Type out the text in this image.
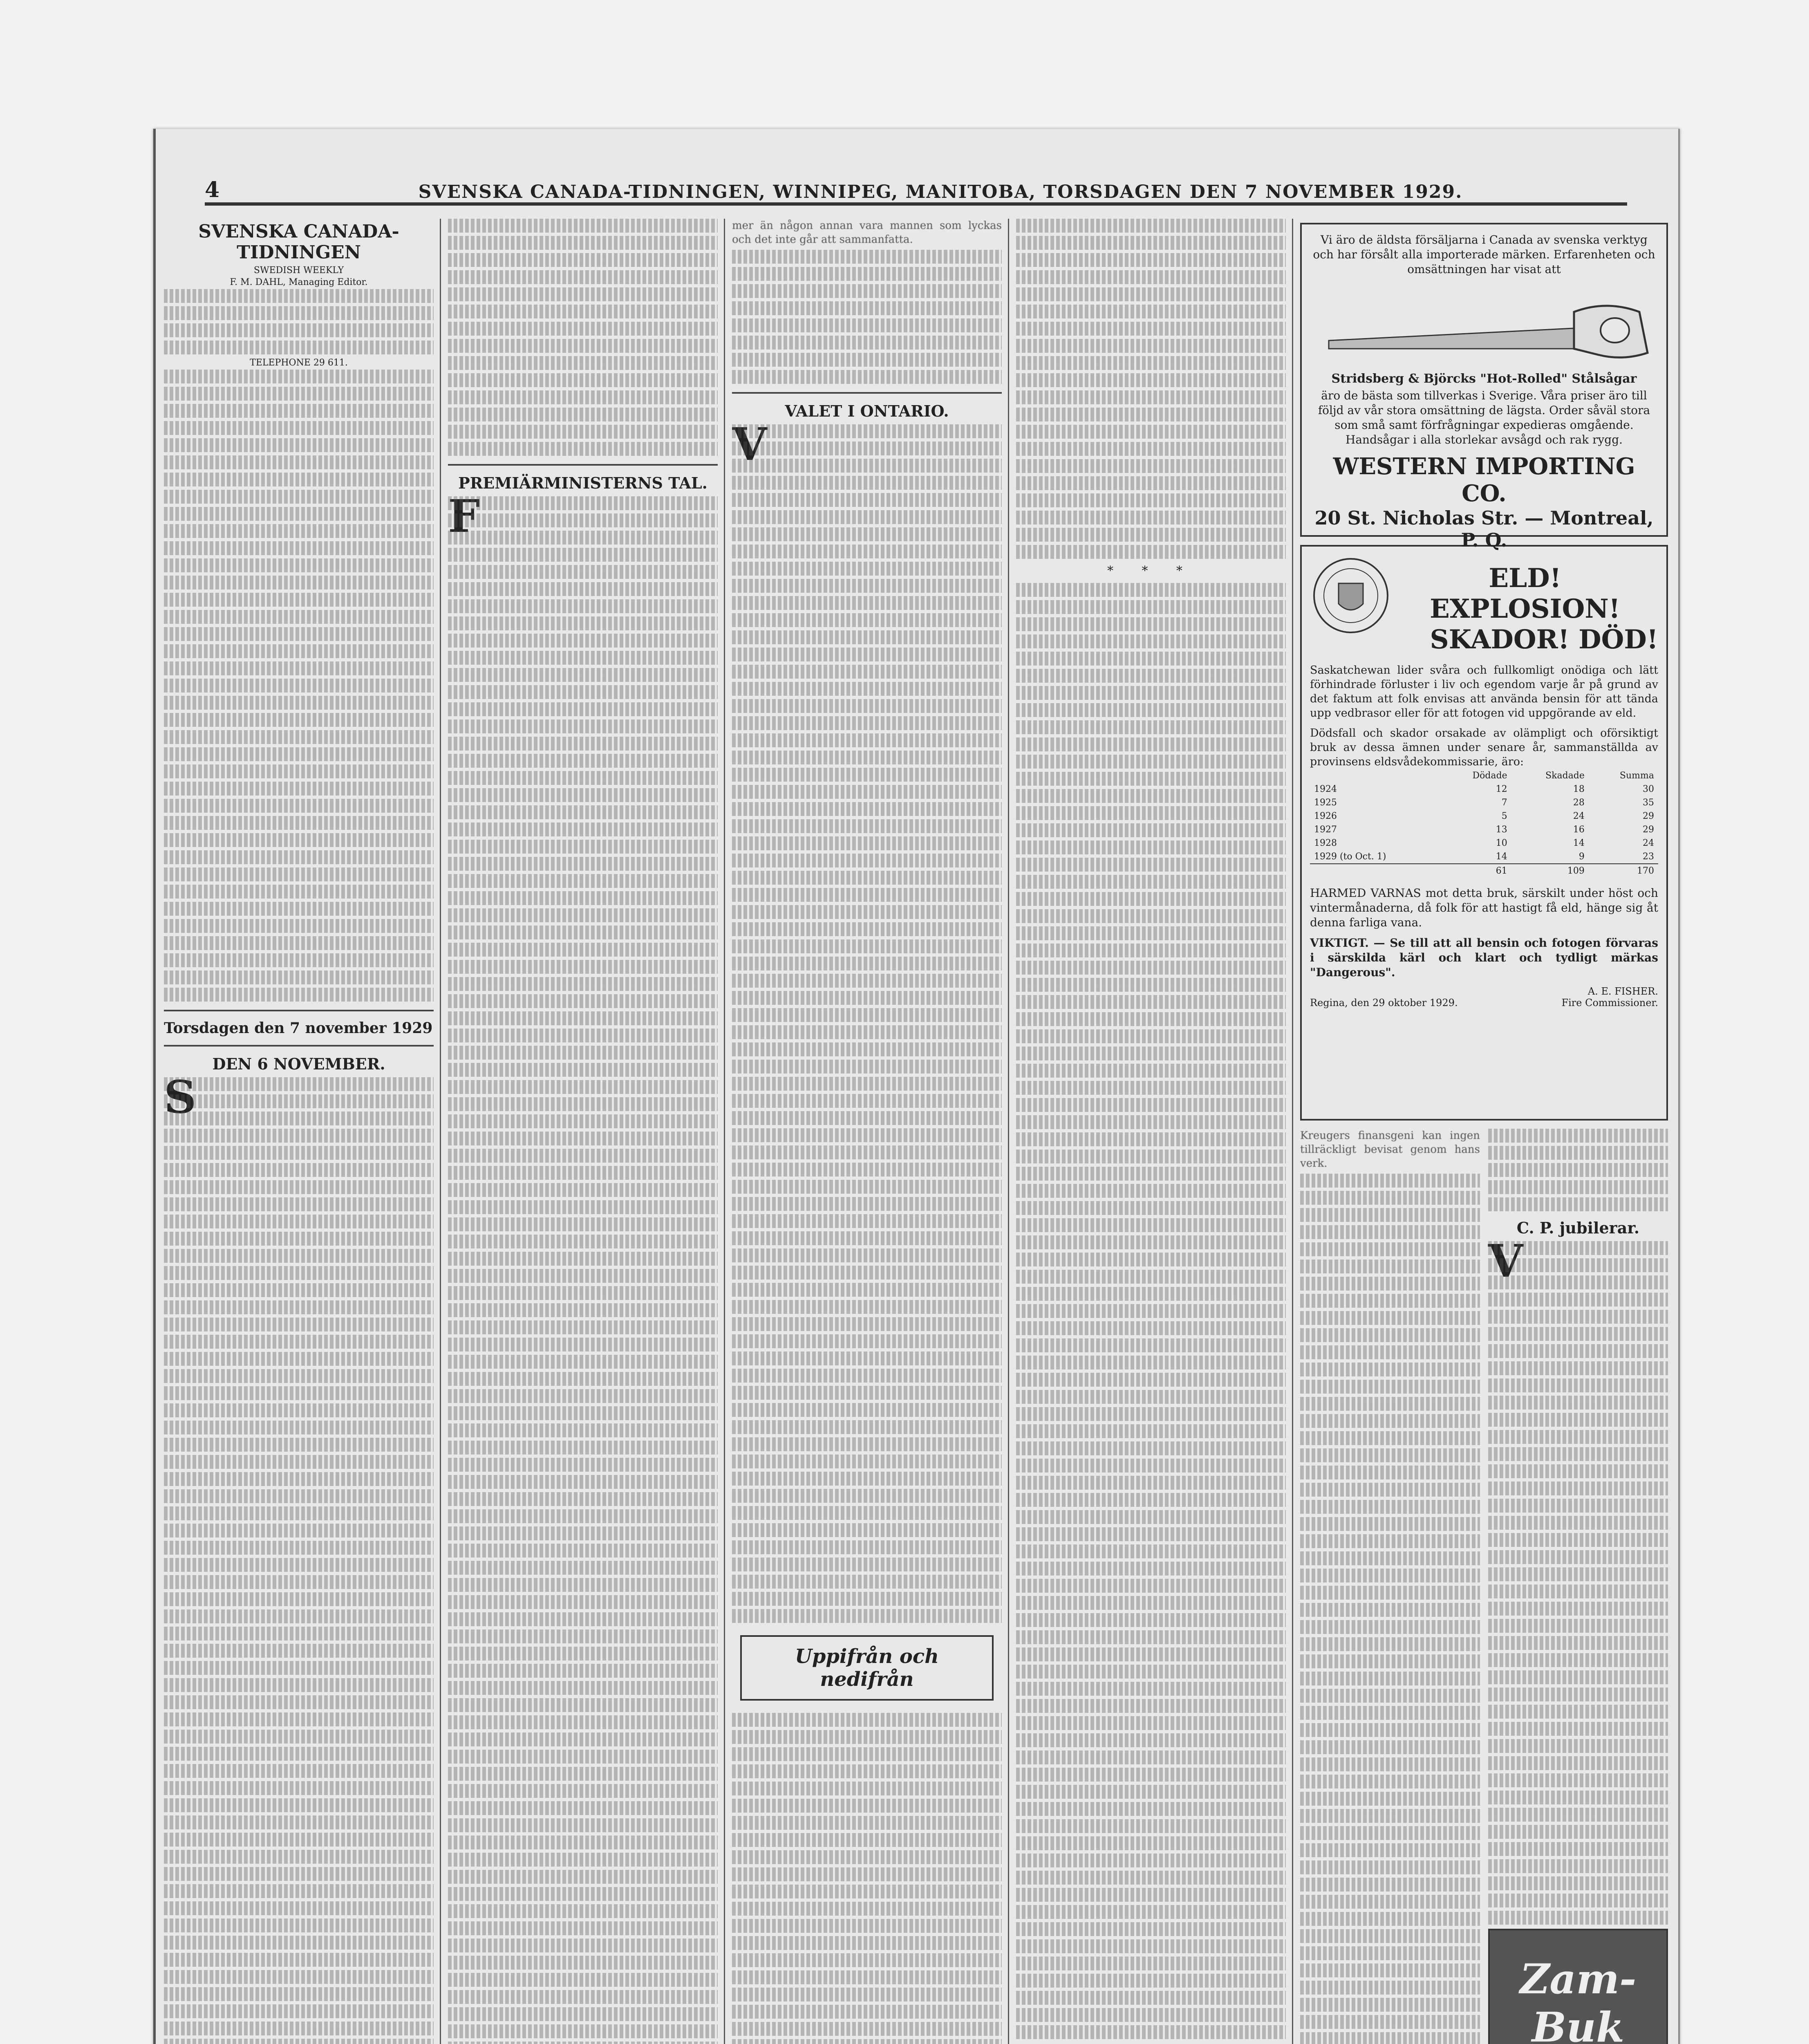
4	SVENSKA CANADA-TIDNINGEN, WINNIPEG, MANITOBA, TORSDAGEN DEN 7 NOVEMBER 1929.
SVENSKA CANADA-TIDNINGEN
SWEDISH WEEKLY
F. M. DAHL, Managing Editor.
TELEPHONE 29 611.
Torsdagen den 7 november 1929
DEN 6 NOVEMBER.
S
PREMIÄRMINISTERNS TAL.
F

mer än någon annan vara mannen som lyckas och det inte går att sammanfatta.

VALET I ONTARIO.
V
Uppifrån och nedifrån
* * *
Vi äro de äldsta försäljarna i Canada av svenska verktyg och har försålt alla importerade märken. Erfarenheten och omsättningen har visat att
Stridsberg & Björcks "Hot-Rolled" Stålsågar
äro de bästa som tillverkas i Sverige. Våra priser äro till följd av vår stora omsättning de lägsta. Order såväl stora som små samt förfrågningar expedieras omgående. Handsågar i alla storlekar avsågd och rak rygg.
WESTERN IMPORTING CO.
20 St. Nicholas Str. — Montreal, P. Q.
ELD! EXPLOSION!
SKADOR! DÖD!
Saskatchewan lider svåra och fullkomligt onödiga och lätt förhindrade förluster i liv och egendom varje år på grund av det faktum att folk envisas att använda bensin för att tända upp vedbrasor eller för att fotogen vid uppgörande av eld.
Dödsfall och skador orsakade av olämpligt och oförsiktigt bruk av dessa ämnen under senare år, sammanställda av provinsens eldsvådekommissarie, äro:
	Dödade	Skadade	Summa
1924	12	18	30
1925	7	28	35
1926	5	24	29
1927	13	16	29
1928	10	14	24
1929 (to Oct. 1)	14	9	23
	61	109	170
HARMED VARNAS mot detta bruk, särskilt under höst och vintermånaderna, då folk för att hastigt få eld, hänge sig åt denna farliga vana.
VIKTIGT. — Se till att all bensin och fotogen förvaras i särskilda kärl och klart och tydligt märkas "Dangerous".
A. E. FISHER.
Regina, den 29 oktober 1929.	Fire Commissioner.

Kreugers finansgeni kan ingen tillräckligt bevisat genom hans verk.

C. P. jubilerar.
V
Zam-Buk
